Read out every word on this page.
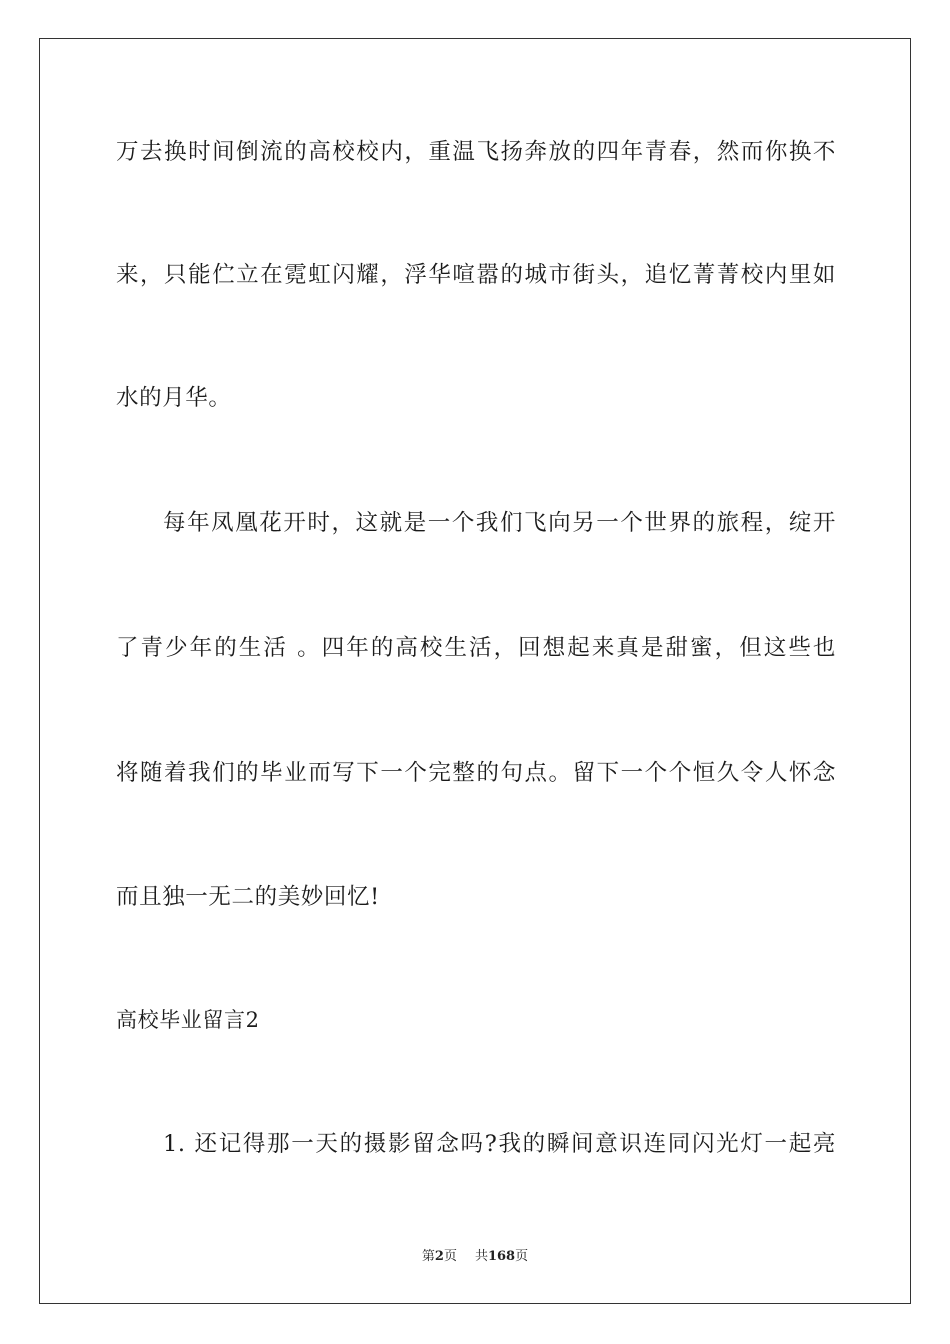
万去换时间倒流的高校校内，重温飞扬奔放的四年青春，然而你换不
来，只能伫立在霓虹闪耀，浮华喧嚣的城市街头，追忆菁菁校内里如
水的月华。
每年凤凰花开时，这就是一个我们飞向另一个世界的旅程，绽开
了青少年的生活 。四年的高校生活，回想起来真是甜蜜，但这些也
将随着我们的毕业而写下一个完整的句点。留下一个个恒久令人怀念
而且独一无二的美妙回忆!
高校毕业留言2
1. 还记得那一天的摄影留念吗?我的瞬间意识连同闪光灯一起亮
第2页 共168页
